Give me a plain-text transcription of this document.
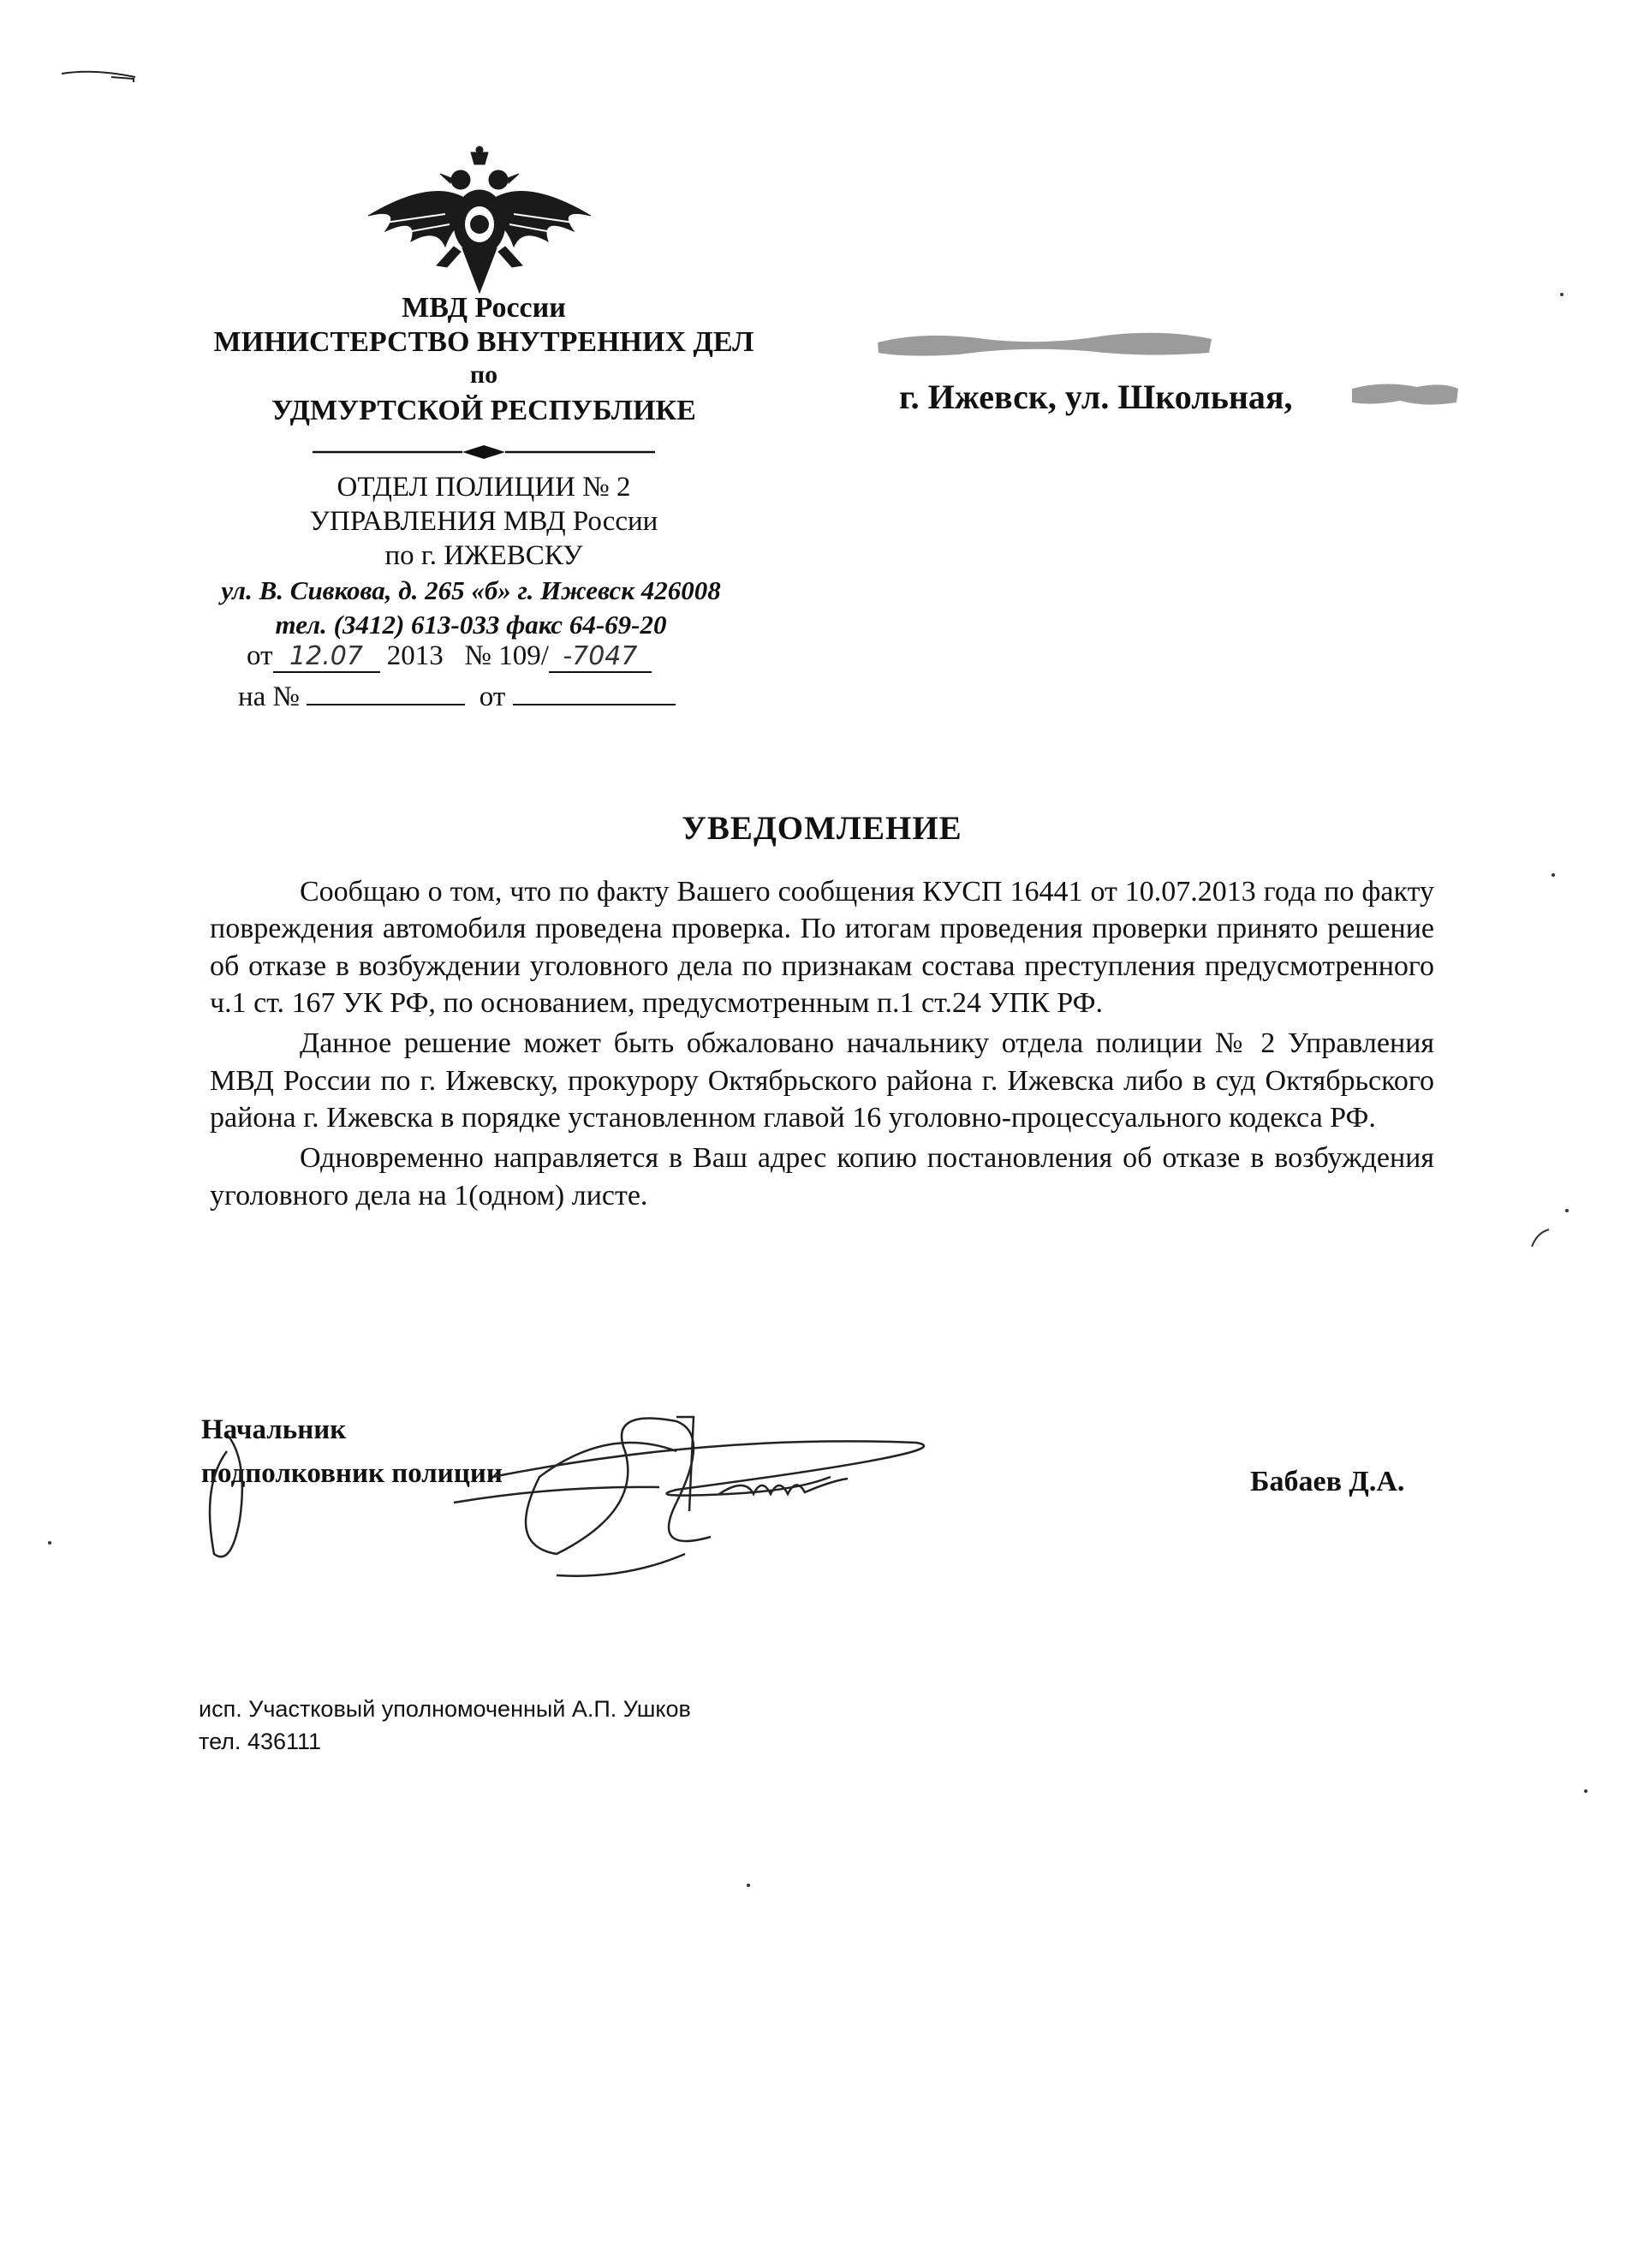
МВД России
МИНИСТЕРСТВО ВНУТРЕННИХ ДЕЛ
по
УДМУРТСКОЙ РЕСПУБЛИКЕ
ОТДЕЛ ПОЛИЦИИ № 2
УПРАВЛЕНИЯ МВД России
по г. ИЖЕВСКУ
ул. В. Сивкова, д. 265 «б» г. Ижевск 426008
тел. (3412) 613-033 факс 64-69-20
от 12.07 2013 № 109/ -7047
на №	от
г. Ижевск, ул. Школьная,
УВЕДОМЛЕНИЕ

Сообщаю о том, что по факту Вашего сообщения КУСП 16441 от 10.07.2013 года по факту повреждения автомобиля проведена проверка. По итогам проведения проверки принято решение об отказе в возбуждении уголовного дела по признакам состава преступления предусмотренного ч.1 ст. 167 УК РФ, по основанием, предусмотренным п.1 ст.24 УПК РФ.

Данное решение может быть обжаловано начальнику отдела полиции № 2 Управления МВД России по г. Ижевску, прокурору Октябрьского района г. Ижевска либо в суд Октябрьского района г. Ижевска в порядке установленном главой 16 уголовно-процессуального кодекса РФ.

Одновременно направляется в Ваш адрес копию постановления об отказе в возбуждения уголовного дела на 1(одном) листе.

Начальник
подполковник полиции	Бабаев Д.А.
исп. Участковый уполномоченный А.П. Ушков
тел. 436111
